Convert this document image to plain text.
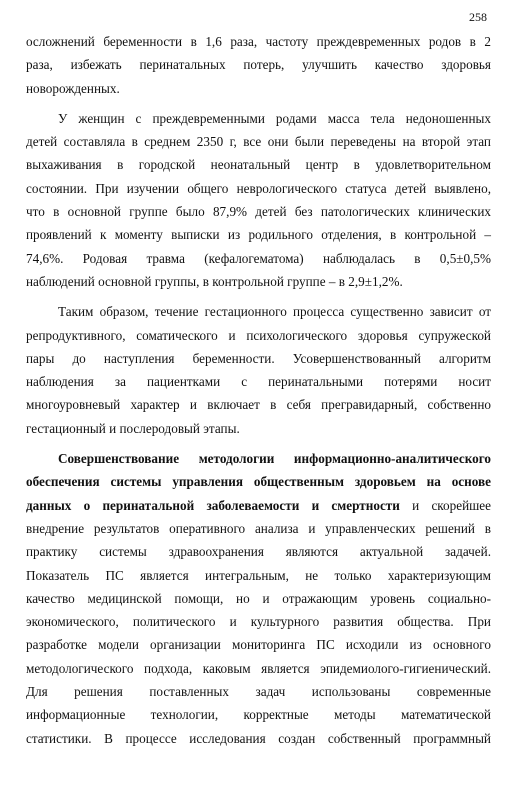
258
осложнений беременности в 1,6 раза, частоту преждевременных родов в 2
раза, избежать перинатальных потерь, улучшить качество здоровья
новорожденных.
У женщин с преждевременными родами масса тела недоношенных
детей составляла в среднем 2350 г, все они были переведены на второй этап
выхаживания в городской неонатальный центр в удовлетворительном
состоянии. При изучении общего неврологического статуса детей выявлено,
что в основной группе было 87,9% детей без патологических клинических
проявлений к моменту выписки из родильного отделения, в контрольной –
74,6%. Родовая травма (кефалогематома) наблюдалась в 0,5±0,5%
наблюдений основной группы, в контрольной группе – в 2,9±1,2%.
Таким образом, течение гестационного процесса существенно зависит от
репродуктивного, соматического и психологического здоровья супружеской
пары до наступления беременности. Усовершенствованный алгоритм
наблюдения за пациентками с перинатальными потерями носит
многоуровневый характер и включает в себя прегравидарный, собственно
гестационный и послеродовый этапы.
Совершенствование методологии информационно-аналитического
обеспечения системы управления общественным здоровьем на основе
данных о перинатальной заболеваемости и смертности и скорейшее
внедрение результатов оперативного анализа и управленческих решений в
практику системы здравоохранения являются актуальной задачей.
Показатель ПС является интегральным, не только характеризующим
качество медицинской помощи, но и отражающим уровень социально-
экономического, политического и культурного развития общества. При
разработке модели организации мониторинга ПС исходили из основного
методологического подхода, каковым является эпидемиолого-гигиенический.
Для решения поставленных задач использованы современные
информационные технологии, корректные методы математической
статистики. В процессе исследования создан собственный программный
